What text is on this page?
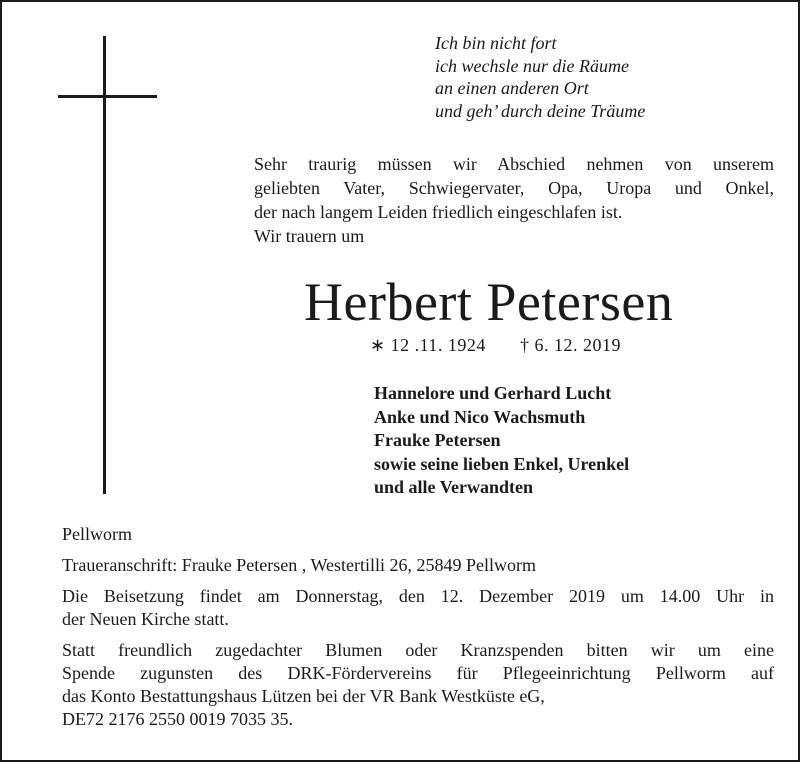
Ich bin nicht fort
ich wechsle nur die Räume
an einen anderen Ort
und geh’ durch deine Träume
Sehr traurig müssen wir Abschied nehmen von unserem
geliebten Vater, Schwiegervater, Opa, Uropa und Onkel,
der nach langem Leiden friedlich eingeschlafen ist.
Wir trauern um
Herbert Petersen
∗ 12 .11. 1924 † 6. 12. 2019
Hannelore und Gerhard Lucht
Anke und Nico Wachsmuth
Frauke Petersen
sowie seine lieben Enkel, Urenkel
und alle Verwandten
Pellworm
Traueranschrift: Frauke Petersen , Westertilli 26, 25849 Pellworm
Die Beisetzung findet am Donnerstag, den 12. Dezember 2019 um 14.00 Uhr in
der Neuen Kirche statt.
Statt freundlich zugedachter Blumen oder Kranzspenden bitten wir um eine
Spende zugunsten des DRK-Fördervereins für Pflegeeinrichtung Pellworm auf
das Konto Bestattungshaus Lützen bei der VR Bank Westküste eG,
DE72 2176 2550 0019 7035 35.
